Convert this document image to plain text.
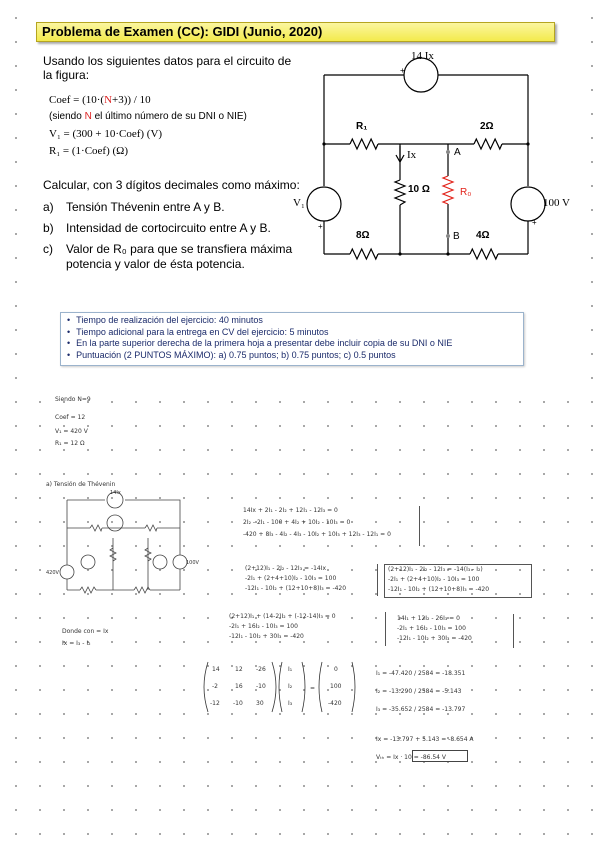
Problema de Examen (CC): GIDI (Junio, 2020)
Usando los siguientes datos para el circuito de
la figura:
Coef = (10·(N+3)) / 10
(siendo N el último número de su DNI o NIE)
V₁ = (300 + 10·Coef) (V)
R₁ = (1·Coef) (Ω)
Calcular, con 3 dígitos decimales como máximo:
a) Tensión Thévenin entre A y B.
b) Intensidad de cortocircuito entre A y B.
c) Valor de R₀ para que se transfiera máxima
potencia y valor de ésta potencia.
14 Ix
+
R₁	2Ω
Ix	A
10 Ω	R₀
V₁
+
100 V
+
8Ω	B 4Ω
• Tiempo de realización del ejercicio: 40 minutos
• Tiempo adicional para la entrega en CV del ejercicio: 5 minutos
• En la parte superior derecha de la primera hoja a presentar debe incluir copia de su DNI o NIE
• Puntuación (2 PUNTOS MÁXIMO): a) 0.75 puntos; b) 0.75 puntos; c) 0.5 puntos
Siendo N=9
Coef = 12
V₁ = 420 V
R₁ = 12 Ω
a) Tensión de Thévenin
420V
100V
14Ix
14Ix + 2I₁ - 2I₂ + 12I₁ - 12I₃ = 0
2I₂ - 2I₁ - 100 + 4I₂ + 10I₂ - 10I₃ = 0
-420 + 8I₃ - 4I₂ - 4I₃ - 10I₂ + 10I₃ + 12I₃ - 12I₁ = 0
(2+12)I₁ - 2I₂ - 12I₃ = -14Ix
-2I₁ + (2+4+10)I₂ - 10I₃ = 100
-12I₁ - 10I₂ + (12+10+8)I₃ = -420
(2+12)I₁ - 2I₂ - 12I₃ = -14(I₃ - I₂)
-2I₁ + (2+4+10)I₂ - 10I₃ = 100
-12I₁ - 10I₂ + (12+10+8)I₃ = -420
(2+12)I₁ + (14-2)I₂ + (-12-14)I₃ = 0
-2I₁ + 16I₂ - 10I₃ = 100
-12I₁ - 10I₂ + 30I₃ = -420
14I₁ + 12I₂ - 26I₃ = 0
-2I₁ + 16I₂ - 10I₃ = 100
-12I₁ - 10I₂ + 30I₃ = -420
Donde con = Ix
Ix = I₃ - I₂
=
14	12 -26
-2	16 -10
-12 -10 30
I₁
I₂
I₃
0
100
-420
I₁ = -47.420 / 2584 = -18.351
I₂ = -13.290 / 2584 = -5.143
I₃ = -35.652 / 2584 = -13.797
Ix = -13.797 + 5.143 = -8.654 A
Vₜₕ = Ix · 10 = -86.54 V
